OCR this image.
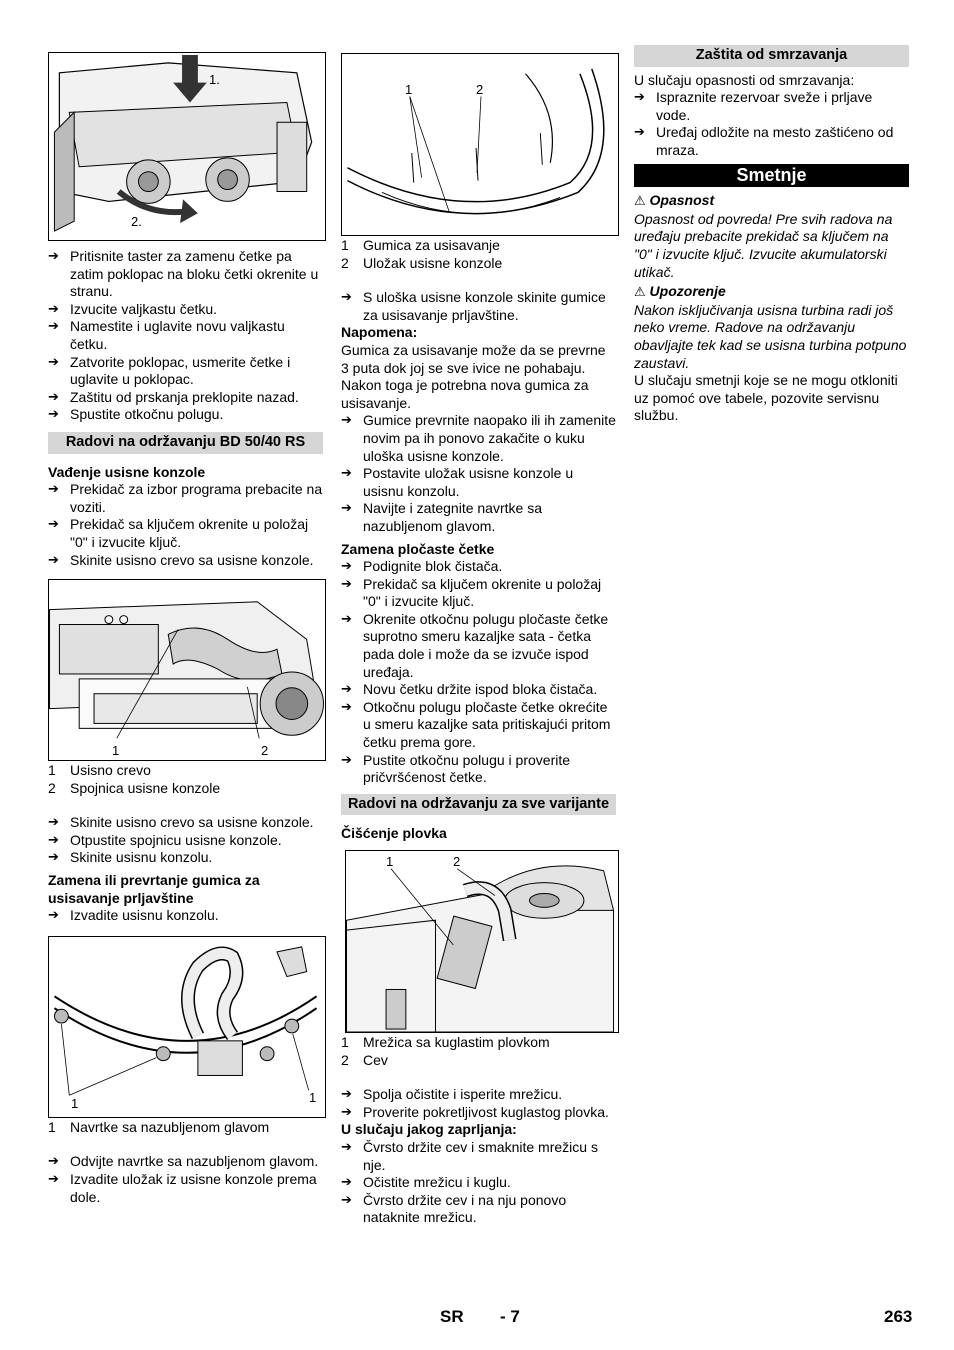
1.
2.
➔ Pritisnite taster za zamenu četke pa zatim poklopac na bloku četki okrenite u stranu.
➔ Izvucite valjkastu četku.
➔ Namestite i uglavite novu valjkastu četku.
➔ Zatvorite poklopac, usmerite četke i uglavite u poklopac.
➔ Zaštitu od prskanja preklopite nazad.
➔ Spustite otkočnu polugu.
Radovi na održavanju BD 50/40 RS
Vađenje usisne konzole
➔ Prekidač za izbor programa prebacite na voziti.
➔ Prekidač sa ključem okrenite u položaj "0" i izvucite ključ.
➔ Skinite usisno crevo sa usisne konzole.
1	2
1	Usisno crevo
2	Spojnica usisne konzole
➔ Skinite usisno crevo sa usisne konzole.
➔ Otpustite spojnicu usisne konzole.
➔ Skinite usisnu konzolu.
Zamena ili prevrtanje gumica za usisavanje prljavštine
➔ Izvadite usisnu konzolu.
1	1
1	Navrtke sa nazubljenom glavom
➔ Odvijte navrtke sa nazubljenom glavom.
➔ Izvadite uložak iz usisne konzole prema dole.
1	2
1	Gumica za usisavanje
2	Uložak usisne konzole
➔ S uloška usisne konzole skinite gumice za usisavanje prljavštine.
Napomena:
Gumica za usisavanje može da se prevrne 3 puta dok joj se sve ivice ne pohabaju. Nakon toga je potrebna nova gumica za usisavanje.
➔ Gumice prevrnite naopako ili ih zamenite novim pa ih ponovo zakačite o kuku uloška usisne konzole.
➔ Postavite uložak usisne konzole u usisnu konzolu.
➔ Navijte i zategnite navrtke sa nazubljenom glavom.
Zamena pločaste četke
➔ Podignite blok čistača.
➔ Prekidač sa ključem okrenite u položaj "0" i izvucite ključ.
➔ Okrenite otkočnu polugu pločaste četke suprotno smeru kazaljke sata - četka pada dole i može da se izvuče ispod uređaja.
➔ Novu četku držite ispod bloka čistača.
➔ Otkočnu polugu pločaste četke okrećite u smeru kazaljke sata pritiskajući pritom četku prema gore.
➔ Pustite otkočnu polugu i proverite pričvršćenost četke.
Radovi na održavanju za sve varijante
Čišćenje plovka
1	2
1	Mrežica sa kuglastim plovkom
2	Cev
➔ Spolja očistite i isperite mrežicu.
➔ Proverite pokretljivost kuglastog plovka.
U slučaju jakog zaprljanja:
➔ Čvrsto držite cev i smaknite mrežicu s nje.
➔ Očistite mrežicu i kuglu.
➔ Čvrsto držite cev i na nju ponovo nataknite mrežicu.
Zaštita od smrzavanja
U slučaju opasnosti od smrzavanja:
➔ Ispraznite rezervoar sveže i prljave vode.
➔ Uređaj odložite na mesto zaštićeno od mraza.
Smetnje
⚠ Opasnost
Opasnost od povreda! Pre svih radova na uređaju prebacite prekidač sa ključem na "0" i izvucite ključ. Izvucite akumulatorski utikač.
⚠ Upozorenje
Nakon isključivanja usisna turbina radi još neko vreme. Radove na održavanju obavljajte tek kad se usisna turbina potpuno zaustavi.
U slučaju smetnji koje se ne mogu otkloniti uz pomoć ove tabele, pozovite servisnu službu.
SR - 7	263
